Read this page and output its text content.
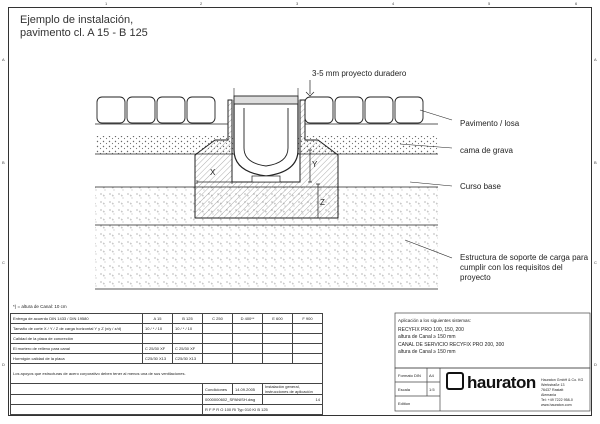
1	2	3	4	5	6
A
B
C
D
A
B
C
D
Ejemplo de instalación,
pavimento cl. A 15 - B 125
3-5 mm proyecto duradero
Pavimento / losa
cama de grava
Curso base
Estructura de soporte de carga para cumplir con los requisitos del proyecto
X
Y
Z
*) = altura de Canal: 10 cm
Entrega de acuerdo DIN 1433 / DIN 19580	A 15	B 125	C 250	D 400**	E 600	F 900
Tamaño de corte X / Y / Z de carga horizontal Y y Z (x/y / z/d)	10 / * / 10	10 / * / 10				
Calidad de la placa de concreción						
El mortero de relleno para canal	C 25/30 XF	C 25/30 XF				
Hormigón calidad de la placa	C25/30 X13	C25/30 X13				
Los apoyos que estructuras de acero corporativo deben tener al menos una de sus ventilaciones.						
			Condiciones	14.09.2005	Instalación general, instrucciones de aplicación	
			0000000602_SPANISH.dwg		14	
			R F P R O 100 Ri Typ 010 KI B 125			
Aplicación a los siguientes sistemas:
RECYFIX PRO 100, 150, 200
altura de Canal ≥ 150 mm
CANAL DE SERVICIO RECYFIX PRO 200, 300
altura de Canal ≥ 150 mm
Formato DIN A4
Escala	1:5
Edition
hauraton	Hauraton GmbH & Co. KG
Werkstraße 13
76437 Rastatt
Alemania
Tel: +49 7222 958-0
www.hauraton.com
